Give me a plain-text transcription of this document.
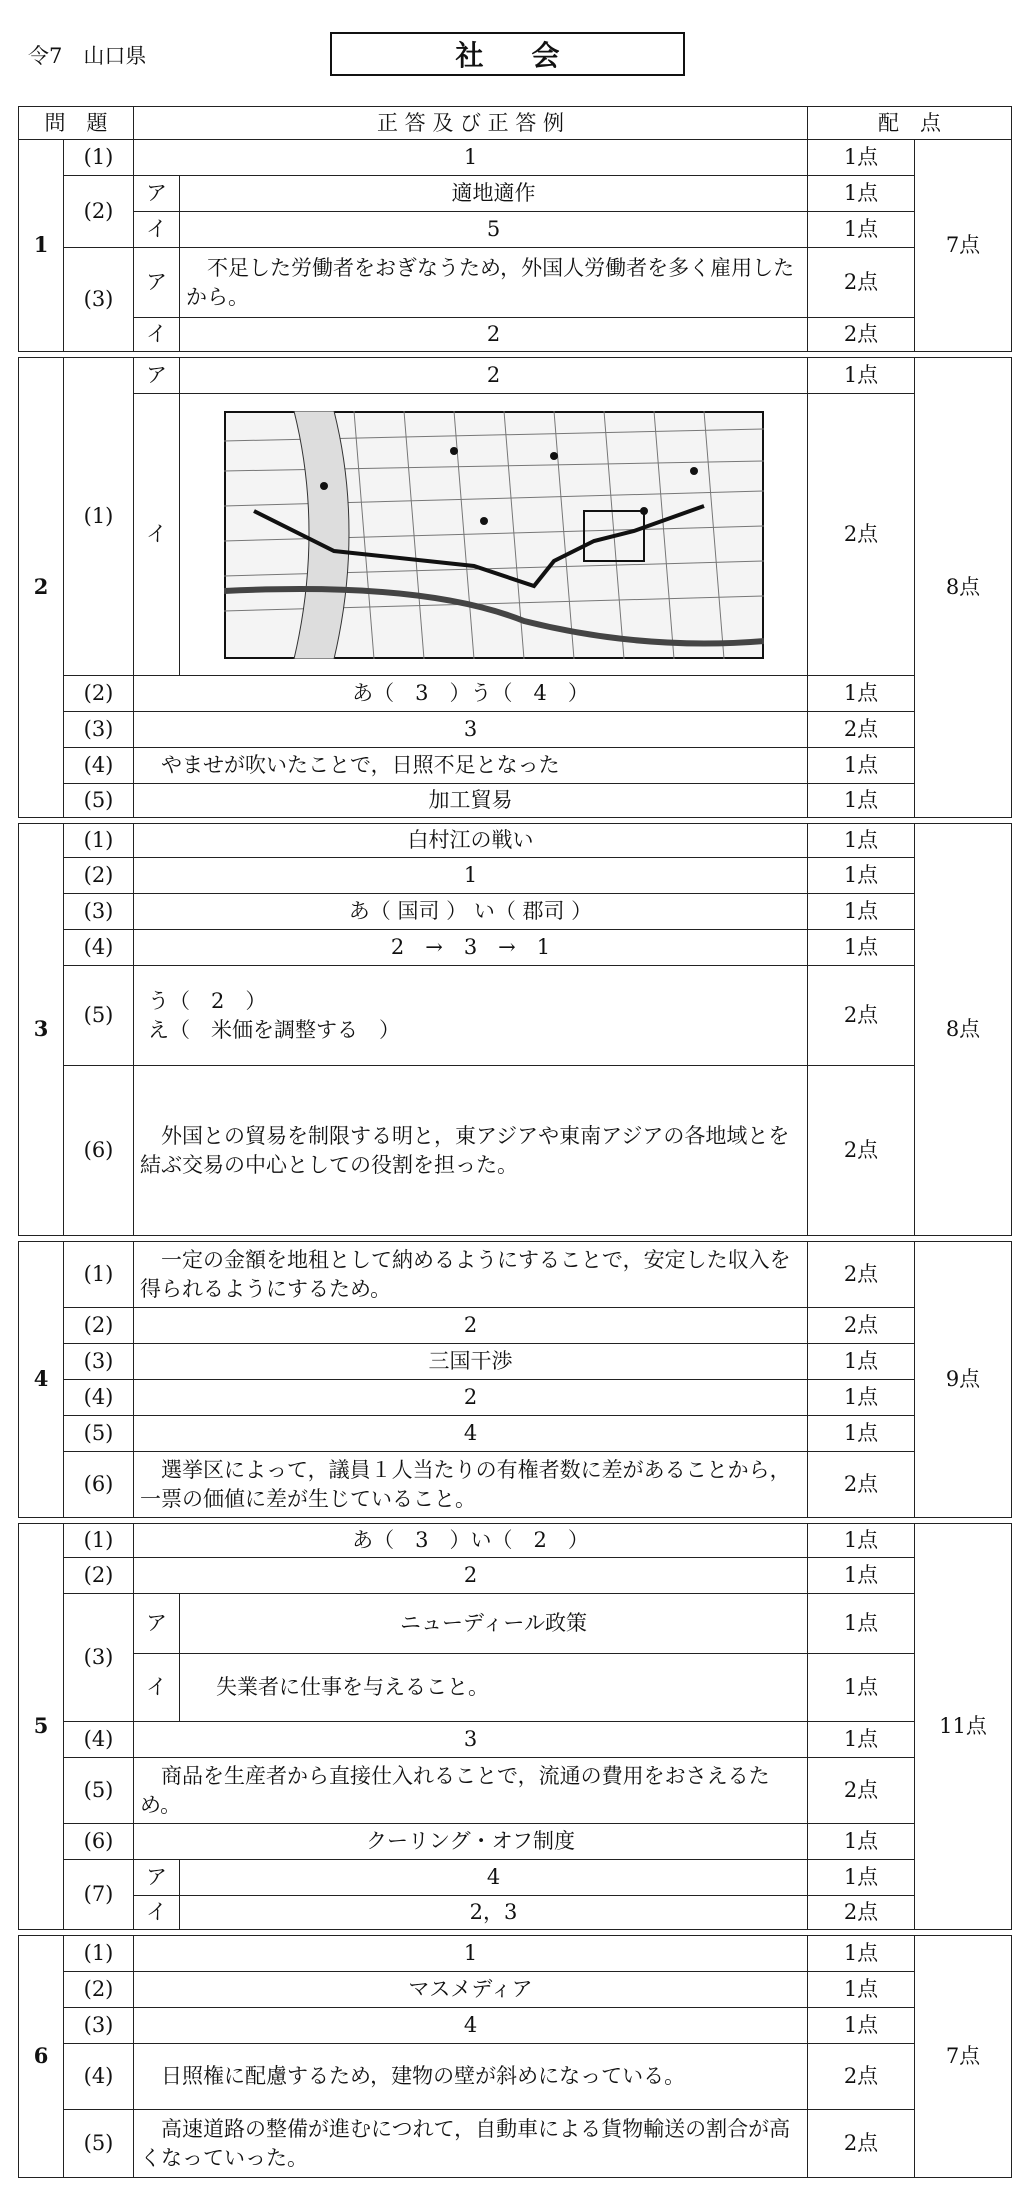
令7　山口県	社 会
問　題		正 答 及 び 正 答 例		配　点	
1	(1)	1		1点	7点
	(2)	ア	適地適作	1点	
		イ	5	1点	
	(3)	ア	不足した労働者をおぎなうため，外国人労働者を多く雇用したから。	2点	
		イ	2	2点	

2	(1)	ア	2	1点	8点
		イ		2点	
	(2)	あ（　3　）う（　4　）		1点	
	(3)	3		2点	
	(4)	やませが吹いたことで，日照不足となった		1点	
	(5)	加工貿易		1点	

3	(1)	白村江の戦い		1点	8点
	(2)	1		1点	
	(3)	あ（ 国司 ） い（ 郡司 ）		1点	
	(4)	2　→　3　→　1		1点	
	(5)	う（　2　）
え（　米価を調整する　）		2点	
	(6)	外国との貿易を制限する明と，東アジアや東南アジアの各地域とを結ぶ交易の中心としての役割を担った。		2点	

4	(1)	一定の金額を地租として納めるようにすることで，安定した収入を得られるようにするため。		2点	9点
	(2)	2		2点	
	(3)	三国干渉		1点	
	(4)	2		1点	
	(5)	4		1点	
	(6)	選挙区によって，議員１人当たりの有権者数に差があることから，一票の価値に差が生じていること。		2点	

5	(1)	あ（　3　）い（　2　）		1点	11点
	(2)	2		1点	
	(3)	ア	ニューディール政策	1点	
		イ	失業者に仕事を与えること。	1点	
	(4)	3		1点	
	(5)	商品を生産者から直接仕入れることで，流通の費用をおさえるため。		2点	
	(6)	クーリング・オフ制度		1点	
	(7)	ア	4	1点	
		イ	2，3	2点	

6	(1)	1		1点	7点
	(2)	マスメディア		1点	
	(3)	4		1点	
	(4)	日照権に配慮するため，建物の壁が斜めになっている。		2点	
	(5)	高速道路の整備が進むにつれて，自動車による貨物輸送の割合が高くなっていった。		2点	
